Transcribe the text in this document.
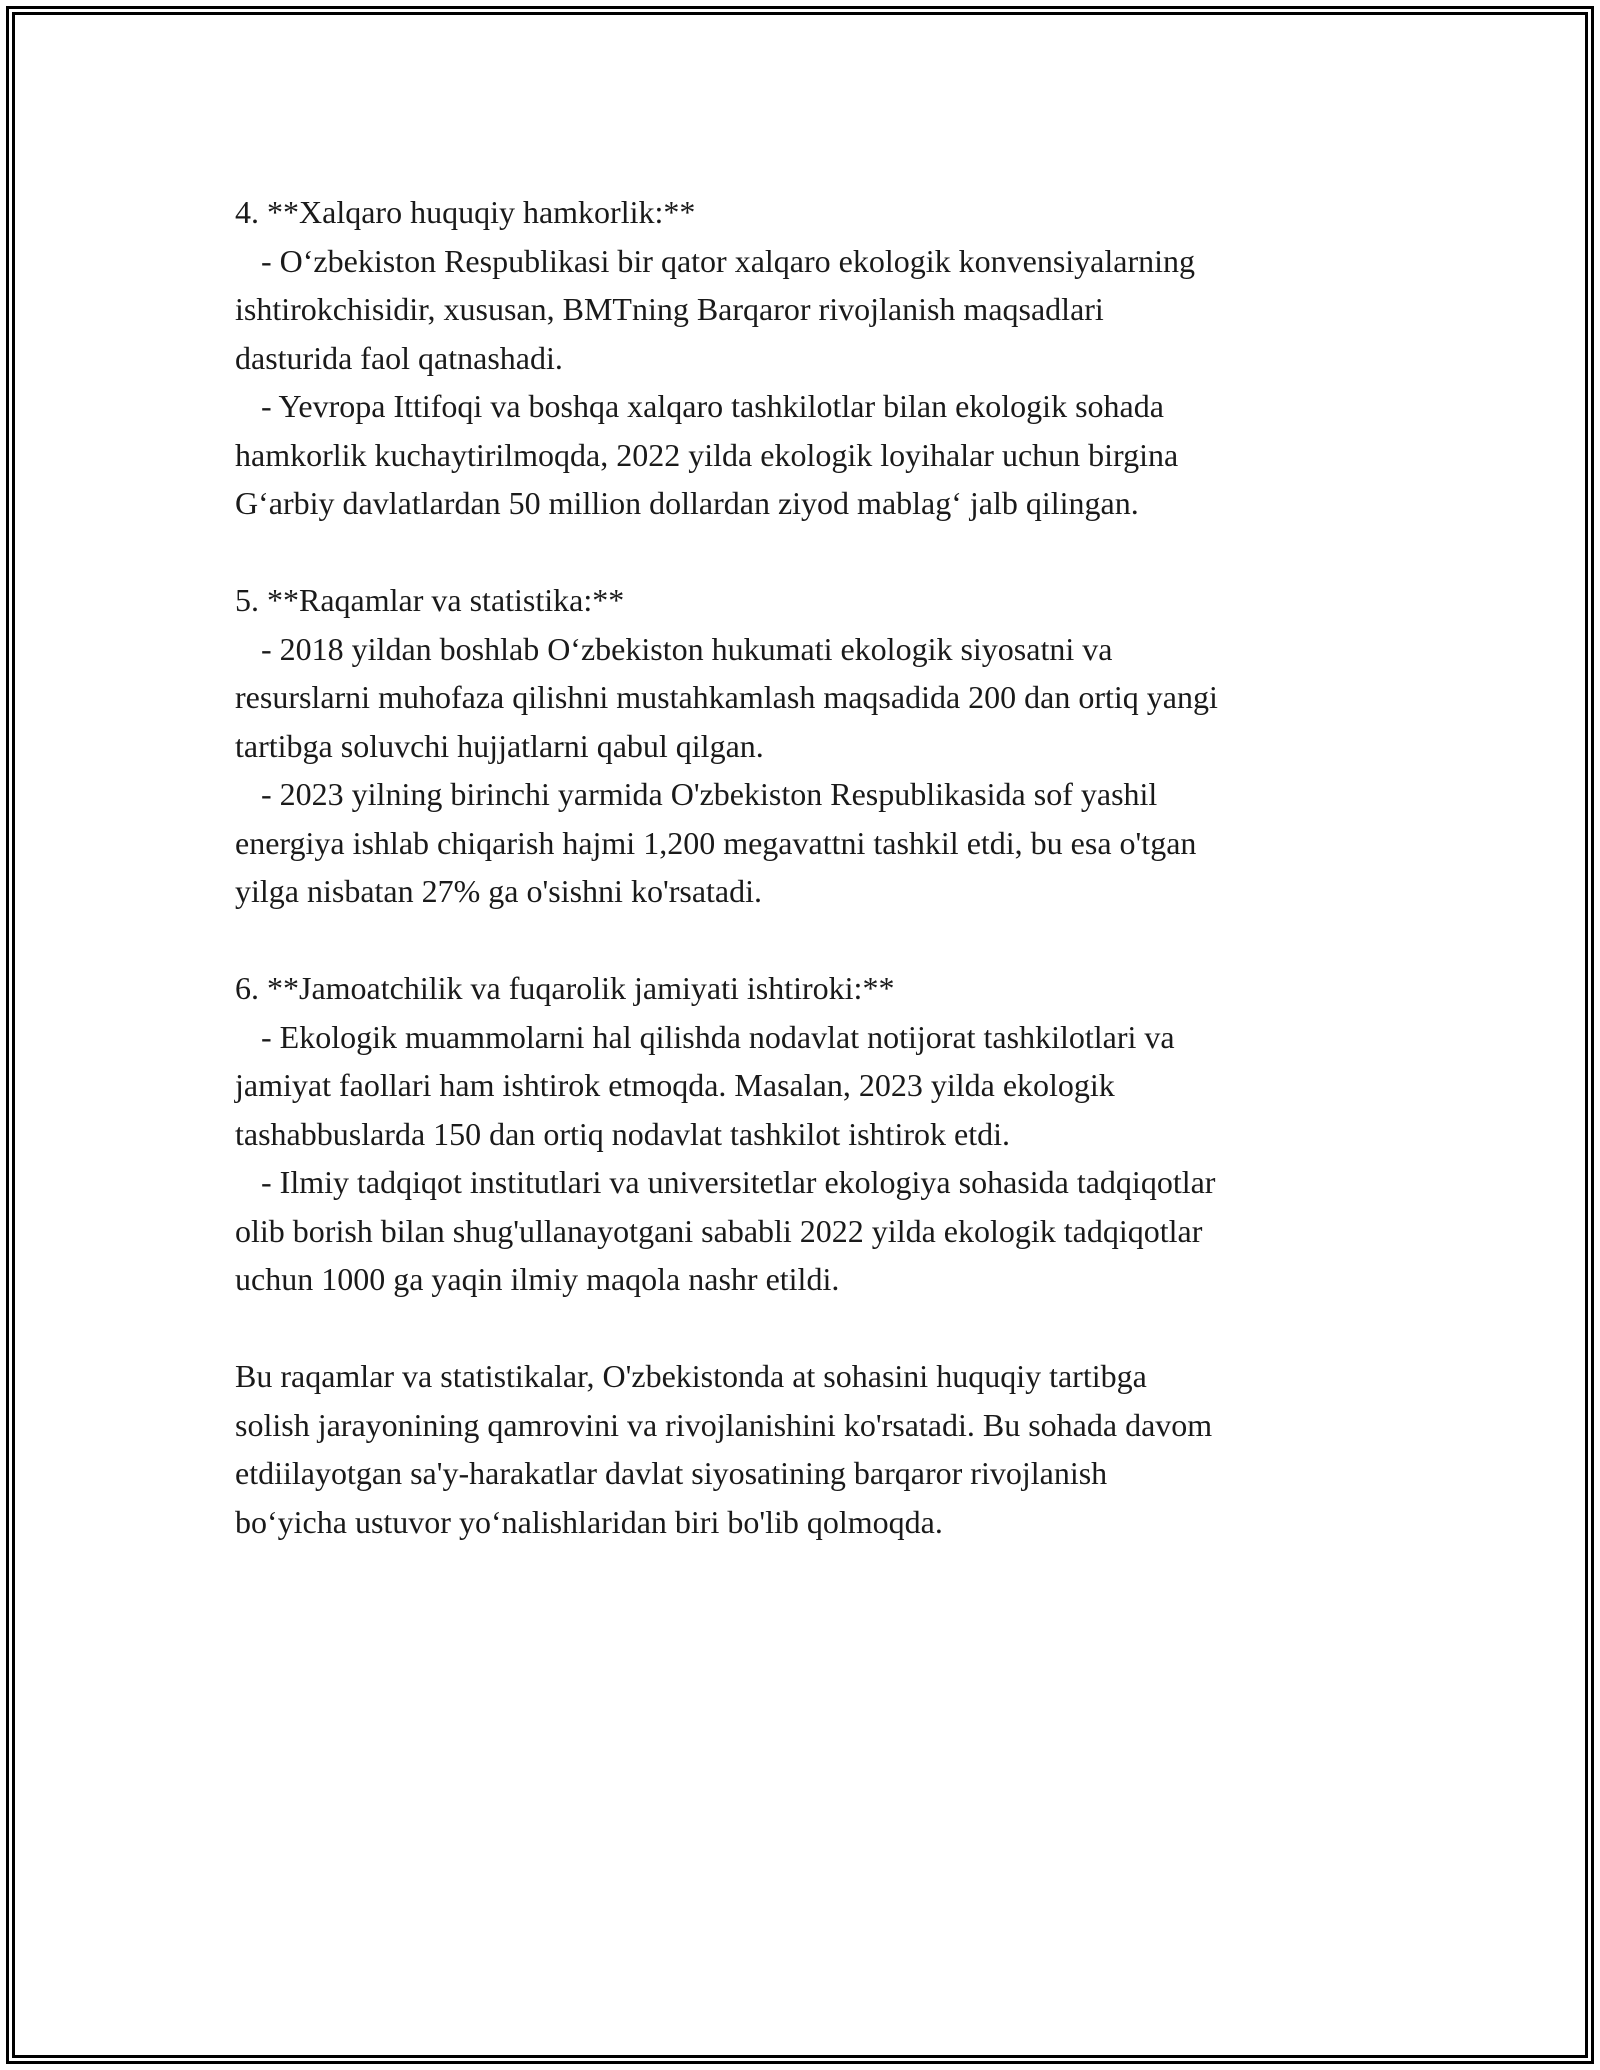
4. **Xalqaro huquqiy hamkorlik:**
- Oʻzbekiston Respublikasi bir qator xalqaro ekologik konvensiyalarning
ishtirokchisidir, xususan, BMTning Barqaror rivojlanish maqsadlari
dasturida faol qatnashadi.
- Yevropa Ittifoqi va boshqa xalqaro tashkilotlar bilan ekologik sohada
hamkorlik kuchaytirilmoqda, 2022 yilda ekologik loyihalar uchun birgina
Gʻarbiy davlatlardan 50 million dollardan ziyod mablagʻ jalb qilingan.
5. **Raqamlar va statistika:**
- 2018 yildan boshlab Oʻzbekiston hukumati ekologik siyosatni va
resurslarni muhofaza qilishni mustahkamlash maqsadida 200 dan ortiq yangi
tartibga soluvchi hujjatlarni qabul qilgan.
- 2023 yilning birinchi yarmida O'zbekiston Respublikasida sof yashil
energiya ishlab chiqarish hajmi 1,200 megavattni tashkil etdi, bu esa o'tgan
yilga nisbatan 27% ga o'sishni ko'rsatadi.
6. **Jamoatchilik va fuqarolik jamiyati ishtiroki:**
- Ekologik muammolarni hal qilishda nodavlat notijorat tashkilotlari va
jamiyat faollari ham ishtirok etmoqda. Masalan, 2023 yilda ekologik
tashabbuslarda 150 dan ortiq nodavlat tashkilot ishtirok etdi.
- Ilmiy tadqiqot institutlari va universitetlar ekologiya sohasida tadqiqotlar
olib borish bilan shug'ullanayotgani sababli 2022 yilda ekologik tadqiqotlar
uchun 1000 ga yaqin ilmiy maqola nashr etildi.
Bu raqamlar va statistikalar, O'zbekistonda at sohasini huquqiy tartibga
solish jarayonining qamrovini va rivojlanishini ko'rsatadi. Bu sohada davom
etdiilayotgan sa'y-harakatlar davlat siyosatining barqaror rivojlanish
boʻyicha ustuvor yoʻnalishlaridan biri bo'lib qolmoqda.
